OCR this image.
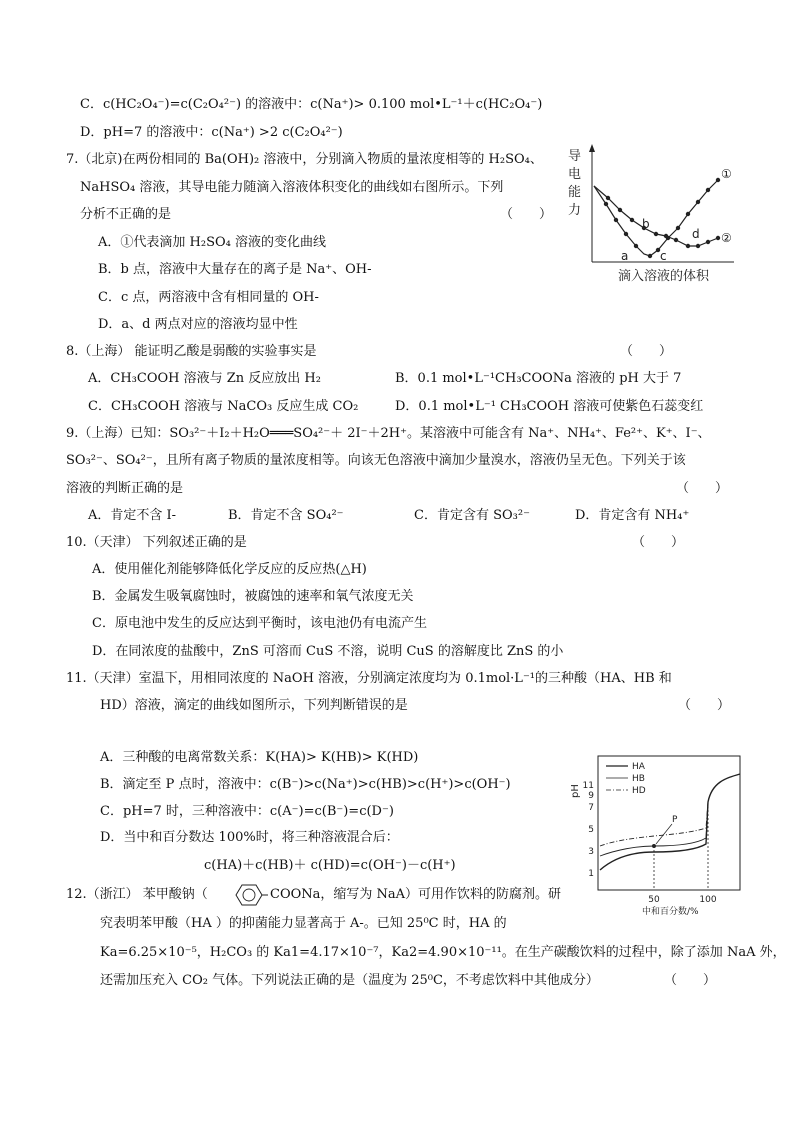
C．c(HC₂O₄⁻)=c(C₂O₄²⁻) 的溶液中：c(Na⁺)> 0.100 mol•L⁻¹＋c(HC₂O₄⁻)
D．pH=7 的溶液中：c(Na⁺) >2 c(C₂O₄²⁻)
7.（北京)在两份相同的 Ba(OH)₂ 溶液中，分别滴入物质的量浓度相等的 H₂SO₄、
NaHSO₄ 溶液，其导电能力随滴入溶液体积变化的曲线如右图所示。下列
分析不正确的是	（　　）
A．①代表滴加 H₂SO₄ 溶液的变化曲线
B．b 点，溶液中大量存在的离子是 Na⁺、OH-
C．c 点，两溶液中含有相同量的 OH-
D．a、d 两点对应的溶液均显中性
8.（上海） 能证明乙酸是弱酸的实验事实是	（　　）
A．CH₃COOH 溶液与 Zn 反应放出 H₂	B．0.1 mol•L⁻¹CH₃COONa 溶液的 pH 大于 7
C．CH₃COOH 溶液与 NaCO₃ 反应生成 CO₂	D．0.1 mol•L⁻¹ CH₃COOH 溶液可使紫色石蕊变红
9.（上海）已知：SO₃²⁻＋I₂＋H₂O═══SO₄²⁻＋ 2I⁻＋2H⁺。某溶液中可能含有 Na⁺、NH₄⁺、Fe²⁺、K⁺、I⁻、
SO₃²⁻、SO₄²⁻，且所有离子物质的量浓度相等。向该无色溶液中滴加少量溴水，溶液仍呈无色。下列关于该
溶液的判断正确的是	（　　）
A．肯定不含 I-	B．肯定不含 SO₄²⁻	C．肯定含有 SO₃²⁻	D．肯定含有 NH₄⁺
10.（天津） 下列叙述正确的是	（　　）
A．使用催化剂能够降低化学反应的反应热(△H)
B．金属发生吸氧腐蚀时，被腐蚀的速率和氧气浓度无关
C．原电池中发生的反应达到平衡时，该电池仍有电流产生
D．在同浓度的盐酸中，ZnS 可溶而 CuS 不溶，说明 CuS 的溶解度比 ZnS 的小
11.（天津）室温下，用相同浓度的 NaOH 溶液，分别滴定浓度均为 0.1mol·L⁻¹的三种酸（HA、HB 和
HD）溶液，滴定的曲线如图所示，下列判断错误的是	（　　）
A．三种酸的电离常数关系：K(HA)> K(HB)> K(HD)
B．滴定至 P 点时，溶液中：c(B⁻)>c(Na⁺)>c(HB)>c(H⁺)>c(OH⁻)
C．pH=7 时，三种溶液中：c(A⁻)=c(B⁻)=c(D⁻)
D．当中和百分数达 100%时，将三种溶液混合后：
c(HA)＋c(HB)＋ c(HD)=c(OH⁻)－c(H⁺)
12.（浙江） 苯甲酸钠（	COONa，缩写为 NaA）可用作饮料的防腐剂。研
究表明苯甲酸（HA ）的抑菌能力显著高于 A-。已知 25⁰C 时，HA 的
Ka=6.25×10⁻⁵，H₂CO₃ 的 Ka1=4.17×10⁻⁷，Ka2=4.90×10⁻¹¹。在生产碳酸饮料的过程中，除了添加 NaA 外，
还需加压充入 CO₂ 气体。下列说法正确的是（温度为 25⁰C，不考虑饮料中其他成分）	（　　）
导
电
能
力
①
②
a
b
c
d
滴入溶液的体积
pH
1
3
5
7
9
11
HA
HB
HD
P
50	100
中和百分数/%
